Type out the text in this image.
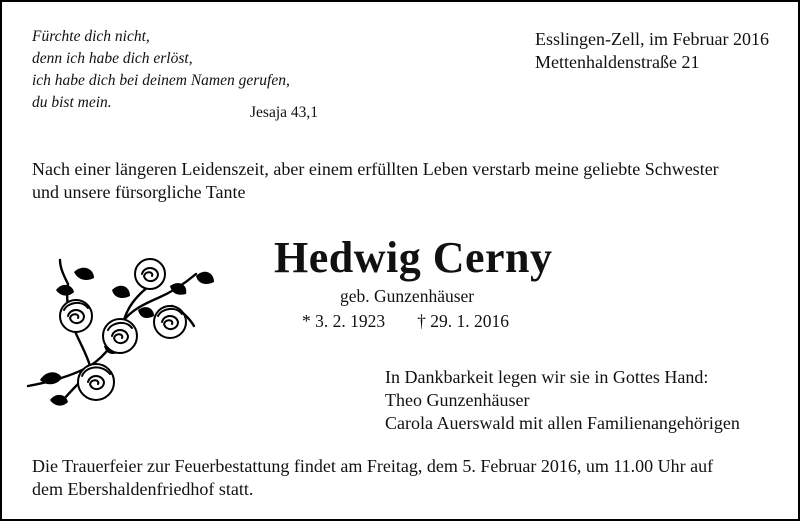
Fürchte dich nicht,
denn ich habe dich erlöst,
ich habe dich bei deinem Namen gerufen,
du bist mein.
Jesaja 43,1
Esslingen-Zell, im Februar 2016
Mettenhaldenstraße 21
Nach einer längeren Leidenszeit, aber einem erfüllten Leben verstarb meine geliebte Schwester
und unsere fürsorgliche Tante
Hedwig Cerny
geb. Gunzenhäuser
* 3. 2. 1923 † 29. 1. 2016
In Dankbarkeit legen wir sie in Gottes Hand:
Theo Gunzenhäuser
Carola Auerswald mit allen Familienangehörigen
Die Trauerfeier zur Feuerbestattung findet am Freitag, dem 5. Februar 2016, um 11.00 Uhr auf
dem Ebershaldenfriedhof statt.
